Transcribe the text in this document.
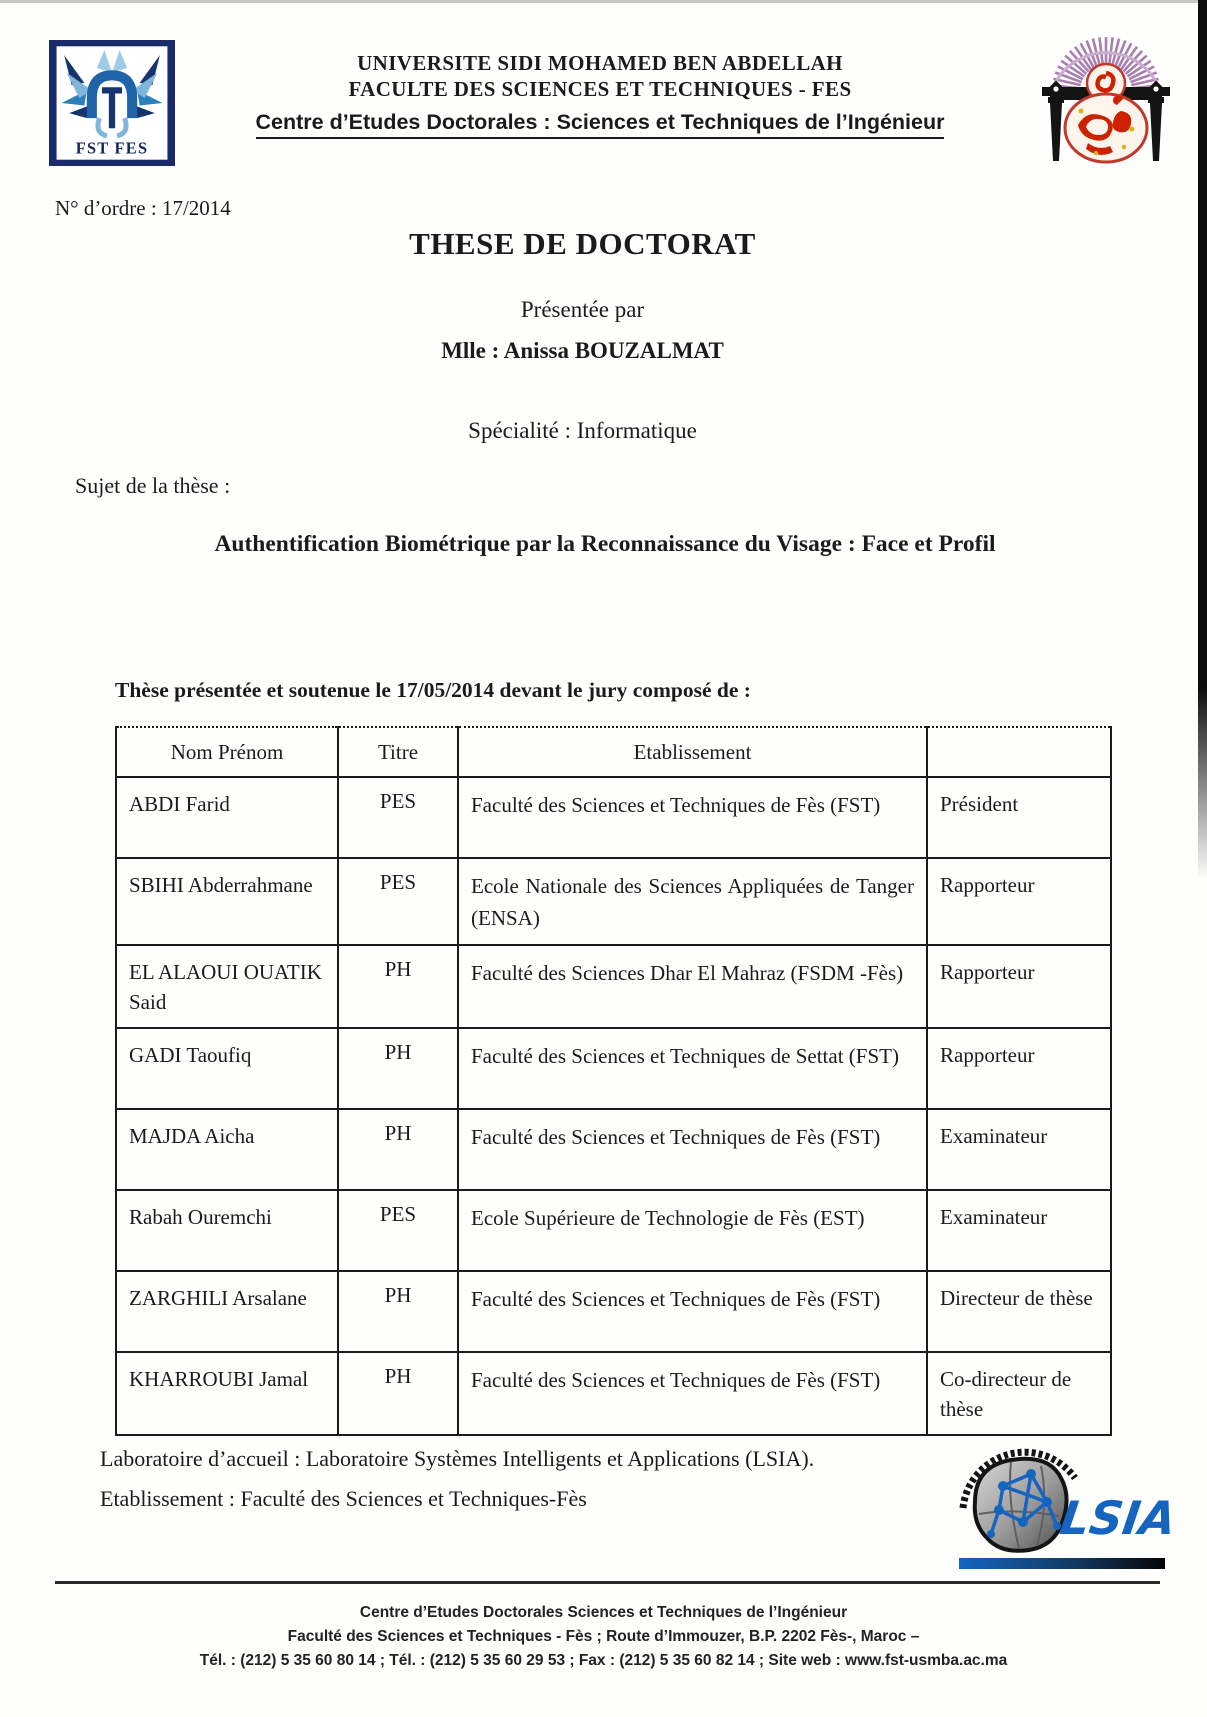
FST FES
UNIVERSITE SIDI MOHAMED BEN ABDELLAH
FACULTE DES SCIENCES ET TECHNIQUES - FES
Centre d’Etudes Doctorales : Sciences et Techniques de l’Ingénieur
N° d’ordre : 17/2014
THESE DE DOCTORAT
Présentée par
Mlle : Anissa BOUZALMAT
Spécialité : Informatique
Sujet de la thèse :
Authentification Biométrique par la Reconnaissance du Visage : Face et Profil
Thèse présentée et soutenue le 17/05/2014 devant le jury composé de :
Nom Prénom	Titre	Etablissement	
ABDI Farid	PES	Faculté des Sciences et Techniques de Fès (FST)	Président
SBIHI Abderrahmane	PES	Ecole Nationale des Sciences Appliquées de Tanger (ENSA)	Rapporteur
EL ALAOUI OUATIK Said	PH	Faculté des Sciences Dhar El Mahraz (FSDM -Fès)	Rapporteur
GADI Taoufiq	PH	Faculté des Sciences et Techniques de Settat (FST)	Rapporteur
MAJDA Aicha	PH	Faculté des Sciences et Techniques de Fès (FST)	Examinateur
Rabah Ouremchi	PES	Ecole Supérieure de Technologie de Fès (EST)	Examinateur
ZARGHILI Arsalane	PH	Faculté des Sciences et Techniques de Fès (FST)	Directeur de thèse
KHARROUBI Jamal	PH	Faculté des Sciences et Techniques de Fès (FST)	Co-directeur de thèse
Laboratoire d’accueil : Laboratoire Systèmes Intelligents et Applications (LSIA).
Etablissement : Faculté des Sciences et Techniques-Fès	LSIA
Centre d’Etudes Doctorales Sciences et Techniques de l’Ingénieur
Faculté des Sciences et Techniques - Fès ; Route d’Immouzer, B.P. 2202 Fès-, Maroc –
Tél. : (212) 5 35 60 80 14 ; Tél. : (212) 5 35 60 29 53 ; Fax : (212) 5 35 60 82 14 ; Site web : www.fst-usmba.ac.ma
